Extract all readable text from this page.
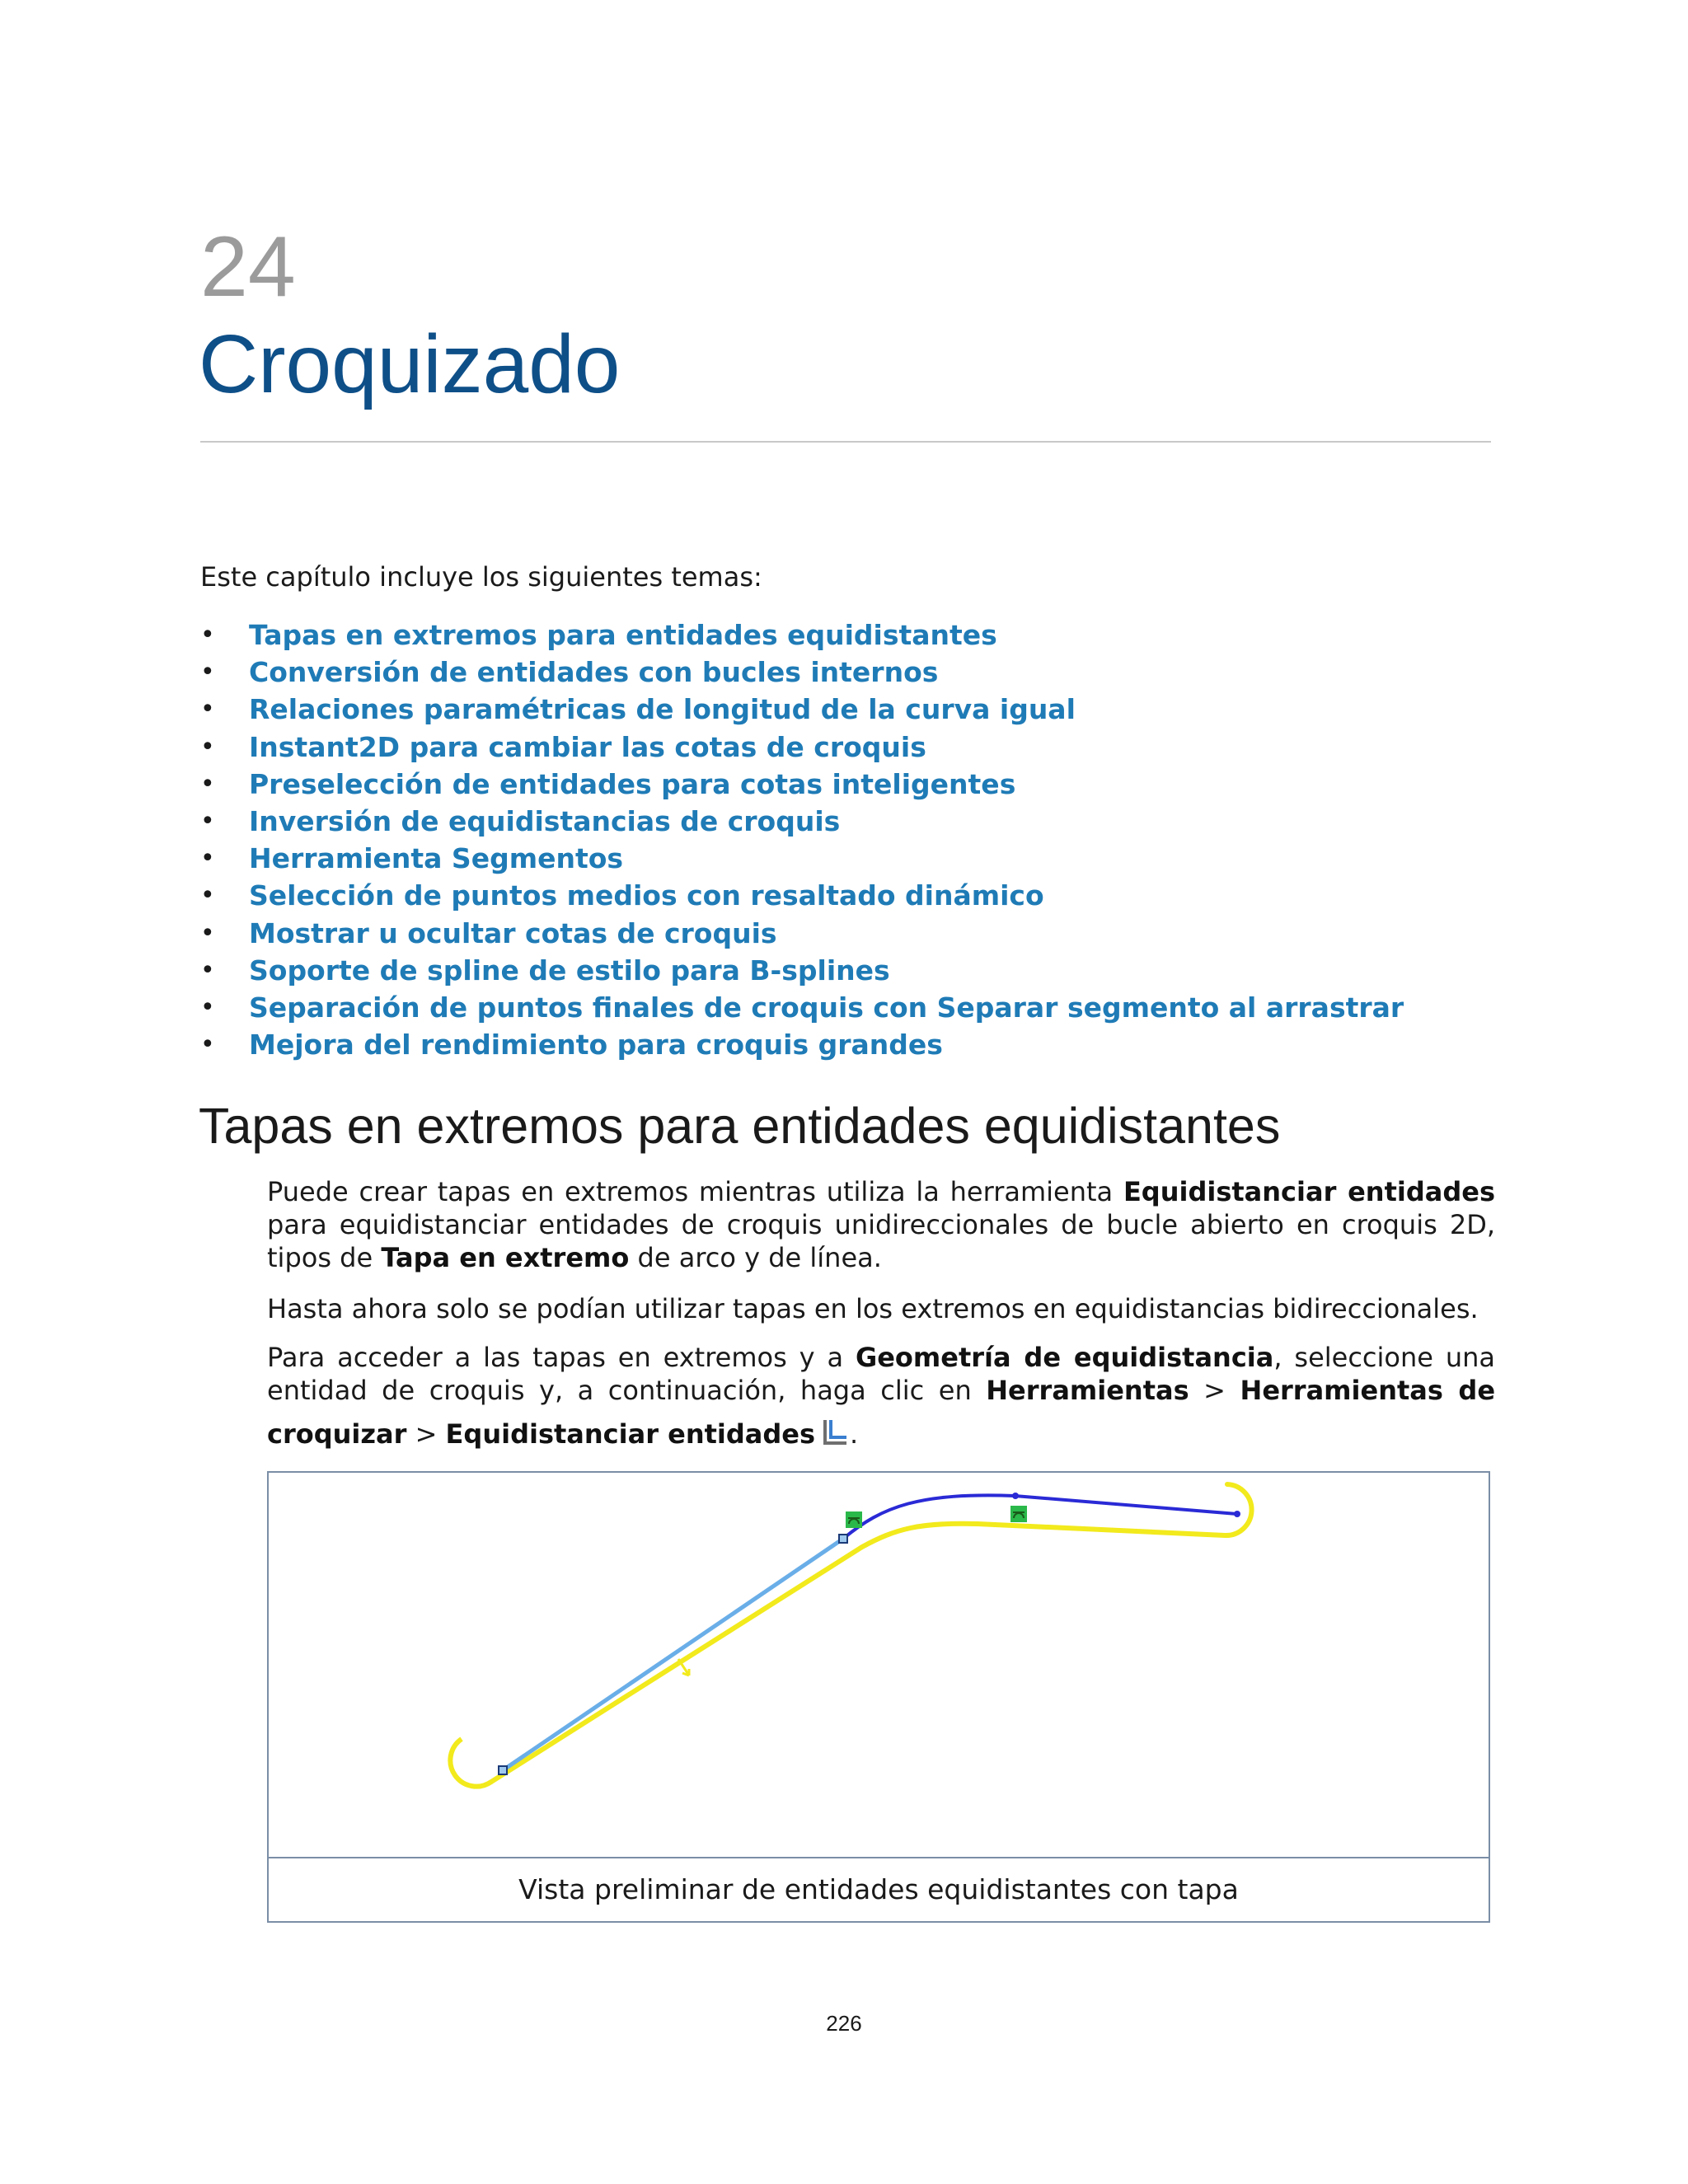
24
Croquizado
Este capítulo incluye los siguientes temas:
• Tapas en extremos para entidades equidistantes
• Conversión de entidades con bucles internos
• Relaciones paramétricas de longitud de la curva igual
• Instant2D para cambiar las cotas de croquis
• Preselección de entidades para cotas inteligentes
• Inversión de equidistancias de croquis
• Herramienta Segmentos
• Selección de puntos medios con resaltado dinámico
• Mostrar u ocultar cotas de croquis
• Soporte de spline de estilo para B-splines
• Separación de puntos finales de croquis con Separar segmento al arrastrar
• Mejora del rendimiento para croquis grandes
Tapas en extremos para entidades equidistantes
Puede crear tapas en extremos mientras utiliza la herramienta Equidistanciar entidades
para equidistanciar entidades de croquis unidireccionales de bucle abierto en croquis 2D,
tipos de Tapa en extremo de arco y de línea.
Hasta ahora solo se podían utilizar tapas en los extremos en equidistancias bidireccionales.
Para acceder a las tapas en extremos y a Geometría de equidistancia, seleccione una
entidad de croquis y, a continuación, haga clic en Herramientas > Herramientas de
croquizar > Equidistanciar entidades .
Vista preliminar de entidades equidistantes con tapa
226
